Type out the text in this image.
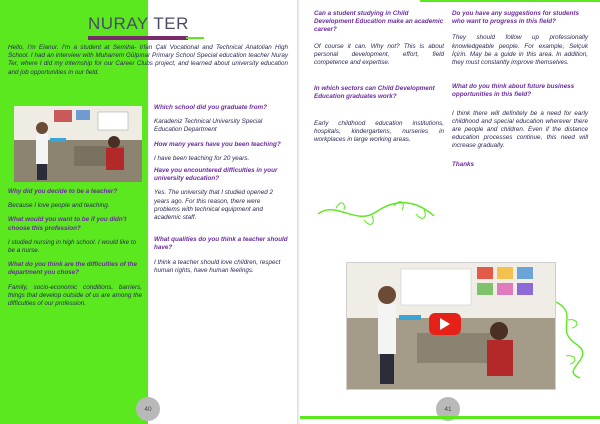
NURAY TER
Hello, I'm Elanur. I'm a student at Semiha- Irfan Çali Vocational and Technical Anatolian High School. I had an interview with Muharrem Gülpınar Primary School Special education teacher Nuray Ter, where I did my internship for our Career Clubs project, and learned about university education and job opportunities in our field.
Why did you decide to be a teacher?
Because I love people and teaching.
What would you want to be if you didn't choose this profession?
I studied nursing in high school. I would like to be a nurse.
What do you think are the difficulties of the department you chose?
Family, socio-economic conditions, barriers, things that develop outside of us are among the difficulties of our profession.
Which school did you graduate from?
Karadeniz Technical University Special Education Department
How many years have you been teaching?
I have been teaching for 20 years.
Have you encountered difficulties in your university education?
Yes. The university that I studied opened 2 years ago. For this reason, there were problems with technical equipment and academic staff.
What qualities do you think a teacher should have?
I think a teacher should love children, respect human rights, have human feelings.
40
Can a student studying in Child Development Education make an academic career?
Of course it can. Why not? This is about personal development, effort, field competence and expertise.
In which sectors can Child Development Education graduates work?
Early childhood education institutions, hospitals, kindergartens, nurseries in workplaces in large working areas.
Do you have any suggestions for students who want to progress in this field?
They should follow up professionally knowledgeable people. For example, Selçuk İçirin. May be a guide in this area. In addition, they must constantly improve themselves.
What do you think about future business opportunities in this field?
I think there will definitely be a need for early childhood and special education wherever there are people and children. Even if the distance education processes continue, this need will increase gradually.
Thanks
41
